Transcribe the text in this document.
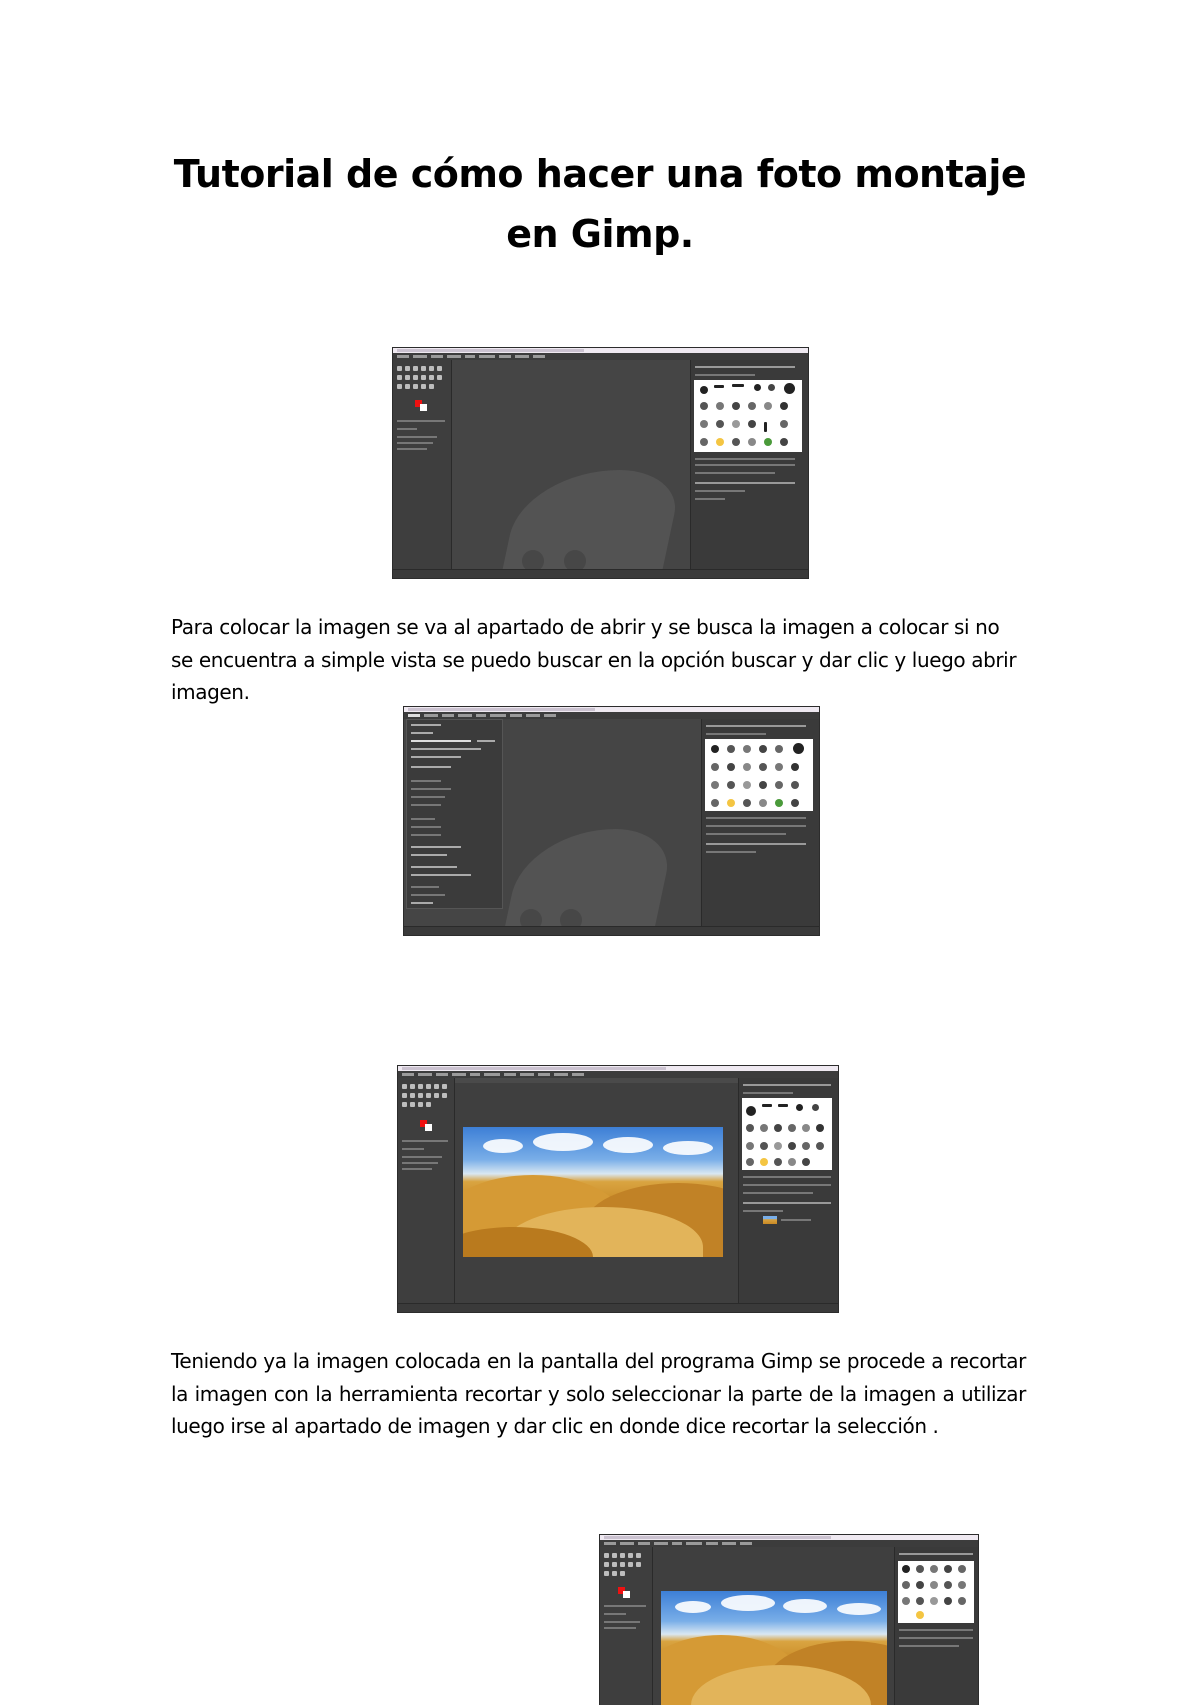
Tutorial de cómo hacer una foto montaje en Gimp.

Para colocar la imagen se va al apartado de abrir y se busca la imagen a colocar si no se encuentra a simple vista se puedo buscar en la opción buscar y dar clic y luego abrir imagen.

Teniendo ya la imagen colocada en la pantalla del programa Gimp se procede a recortar la imagen con la herramienta recortar y solo seleccionar la parte de la imagen a utilizar luego irse al apartado de imagen y dar clic en donde dice recortar la selección .
